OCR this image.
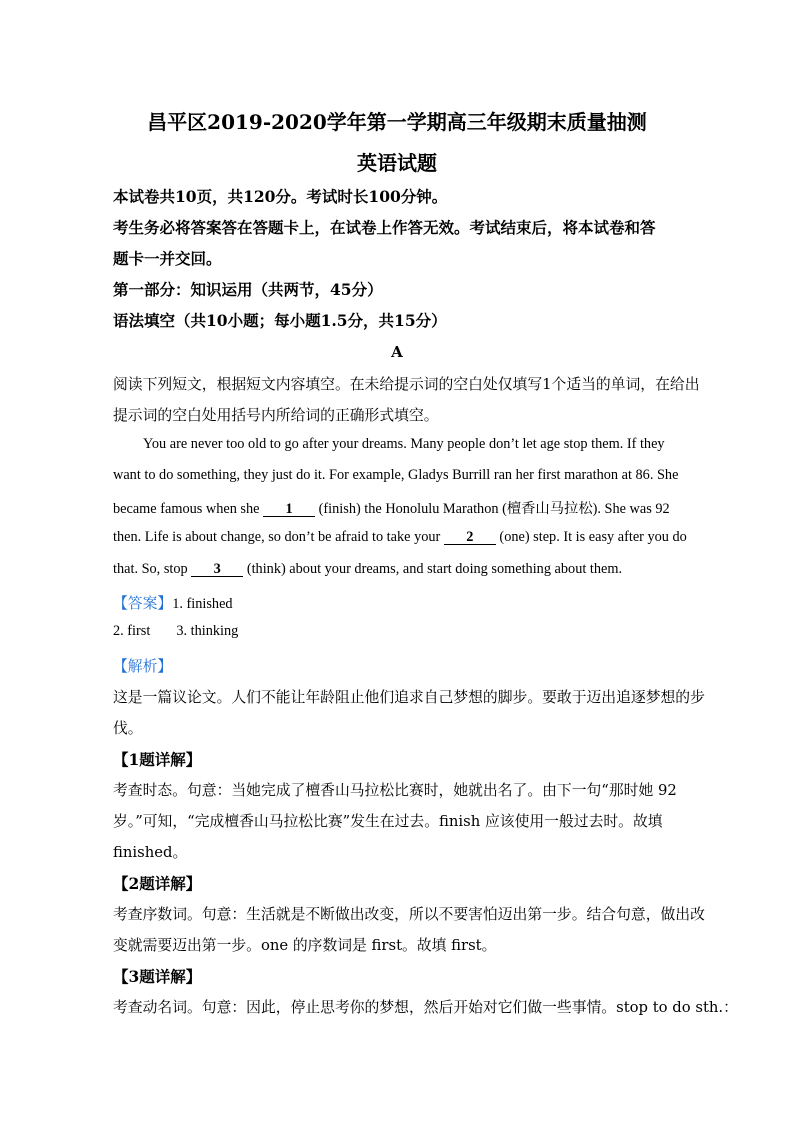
昌平区2019-2020学年第一学期高三年级期末质量抽测
英语试题
本试卷共10页，共120分。考试时长100分钟。
考生务必将答案答在答题卡上，在试卷上作答无效。考试结束后，将本试卷和答
题卡一并交回。
第一部分：知识运用（共两节，45分）
语法填空（共10小题；每小题1.5分，共15分）
A
阅读下列短文，根据短文内容填空。在未给提示词的空白处仅填写1个适当的单词，在给出
提示词的空白处用括号内所给词的正确形式填空。
You are never too old to go after your dreams. Many people don’t let age stop them. If they
want to do something, they just do it. For example, Gladys Burrill ran her first marathon at 86. She
became famous when she 1 (finish) the Honolulu Marathon (檀香山马拉松). She was 92
then. Life is about change, so don’t be afraid to take your 2 (one) step. It is easy after you do
that. So, stop 3 (think) about your dreams, and start doing something about them.
【答案】1. finished
2. first 3. thinking
【解析】
这是一篇议论文。人们不能让年龄阻止他们追求自己梦想的脚步。要敢于迈出追逐梦想的步
伐。
【1题详解】
考查时态。句意：当她完成了檀香山马拉松比赛时，她就出名了。由下一句“那时她 92
岁。”可知，“完成檀香山马拉松比赛”发生在过去。finish 应该使用一般过去时。故填
finished。
【2题详解】
考查序数词。句意：生活就是不断做出改变，所以不要害怕迈出第一步。结合句意，做出改
变就需要迈出第一步。one 的序数词是 first。故填 first。
【3题详解】
考查动名词。句意：因此，停止思考你的梦想，然后开始对它们做一些事情。stop to do sth.：
